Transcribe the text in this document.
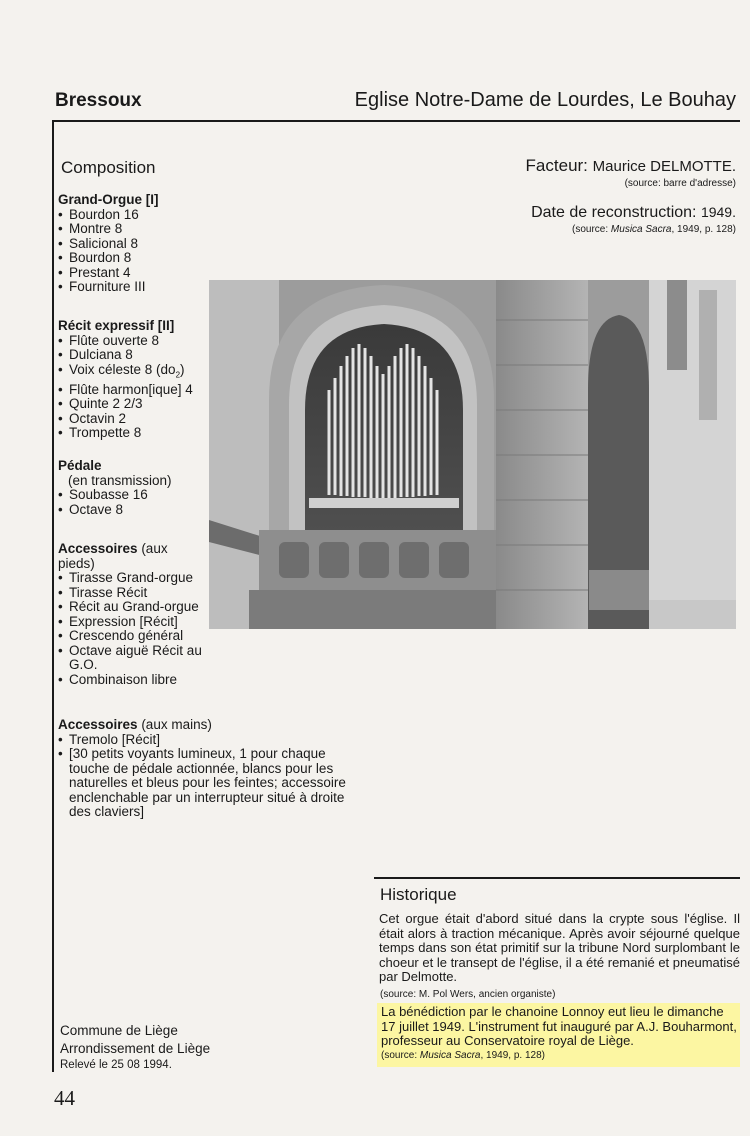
Bressoux	Eglise Notre-Dame de Lourdes, Le Bouhay
Composition	Facteur: Maurice DELMOTTE.
(source: barre d'adresse)
Date de reconstruction: 1949.
(source: Musica Sacra, 1949, p. 128)
Grand-Orgue [I]
• Bourdon 16
• Montre 8
• Salicional 8
• Bourdon 8
• Prestant 4
• Fourniture III
Récit expressif [II]
• Flûte ouverte 8
• Dulciana 8
• Voix céleste 8 $(do_2)$
• Flûte harmon[ique] 4
• Quinte 2 2/3
• Octavin 2
• Trompette 8
Pédale
(en transmission)
• Soubasse 16
• Octave 8
Accessoires (aux pieds)
• Tirasse Grand-orgue
• Tirasse Récit
• Récit au Grand-orgue
• Expression [Récit]
• Crescendo général
• Octave aiguë Récit au G.O.
• Combinaison libre
Accessoires (aux mains)
• Tremolo [Récit]
• [30 petits voyants lumineux, 1 pour chaque touche de pédale actionnée, blancs pour les naturelles et bleus pour les feintes; accessoire enclenchable par un interrupteur situé à droite des claviers]
Historique
Cet orgue était d'abord situé dans la crypte sous l'église. Il était alors à traction mécanique. Après avoir séjourné quelque temps dans son état primitif sur la tribune Nord surplombant le choeur et le transept de l'église, il a été remanié et pneumatisé par Delmotte.
(source: M. Pol Wers, ancien organiste)
La bénédiction par le chanoine Lonnoy eut lieu le dimanche 17 juillet 1949. L'instrument fut inauguré par A.J. Bouharmont, professeur au Conservatoire royal de Liège.
(source: Musica Sacra, 1949, p. 128)
Commune de Liège
Arrondissement de Liège
Relevé le 25 08 1994.
44
